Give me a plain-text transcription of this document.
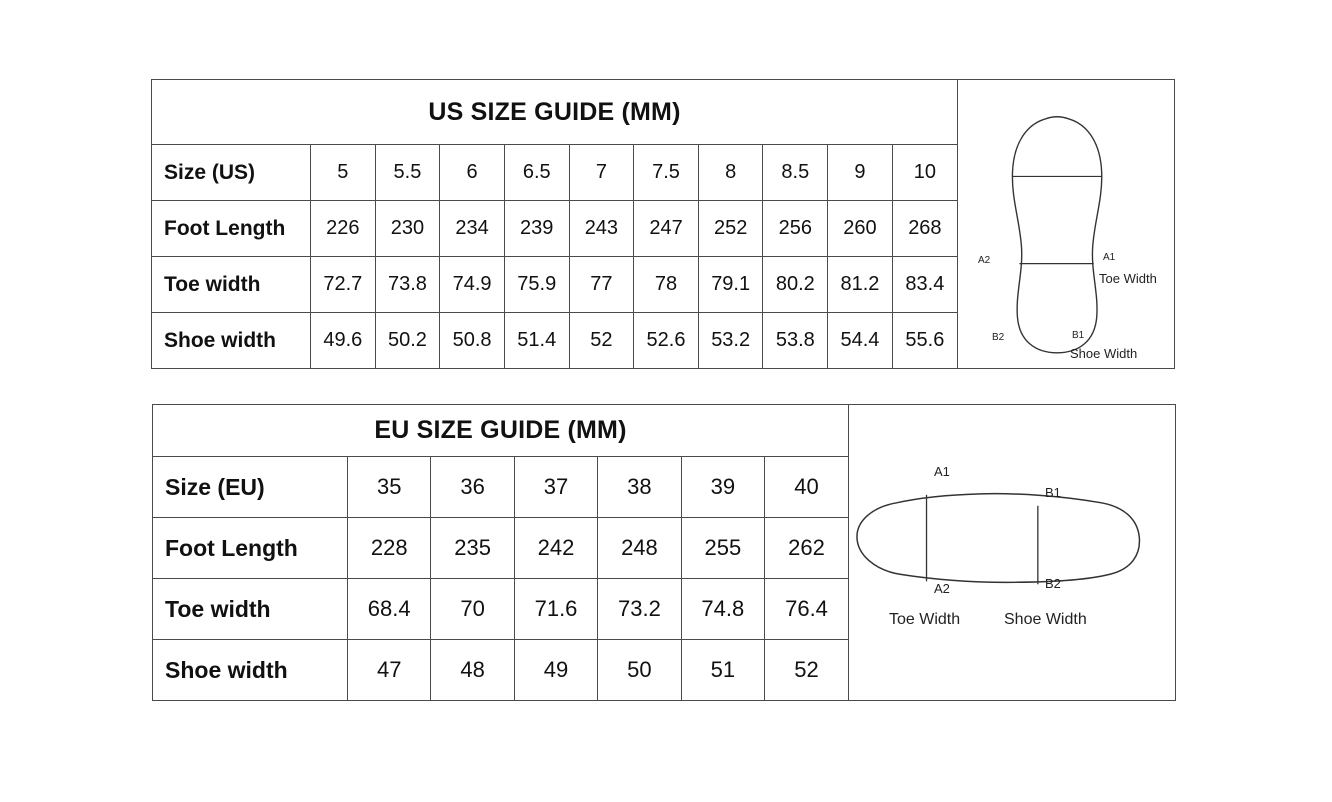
US SIZE GUIDE (MM)
Size (US)	5	5.5	6	6.5	7	7.5	8	8.5	9	10
Foot Length	226	230	234	239	243	247	252	256	260	268
Toe width	72.7	73.8	74.9	75.9	77	78	79.1	80.2	81.2	83.4
Shoe width	49.6	50.2	50.8	51.4	52	52.6	53.2	53.8	54.4	55.6
A2	A1
Toe Width
B2	B1
Shoe Width
EU SIZE GUIDE (MM)
Size (EU)	35	36	37	38	39	40
Foot Length	228	235	242	248	255	262
Toe width	68.4	70	71.6	73.2	74.8	76.4
Shoe width	47	48	49	50	51	52
A1
A2
B1
B2
Toe Width	Shoe Width
